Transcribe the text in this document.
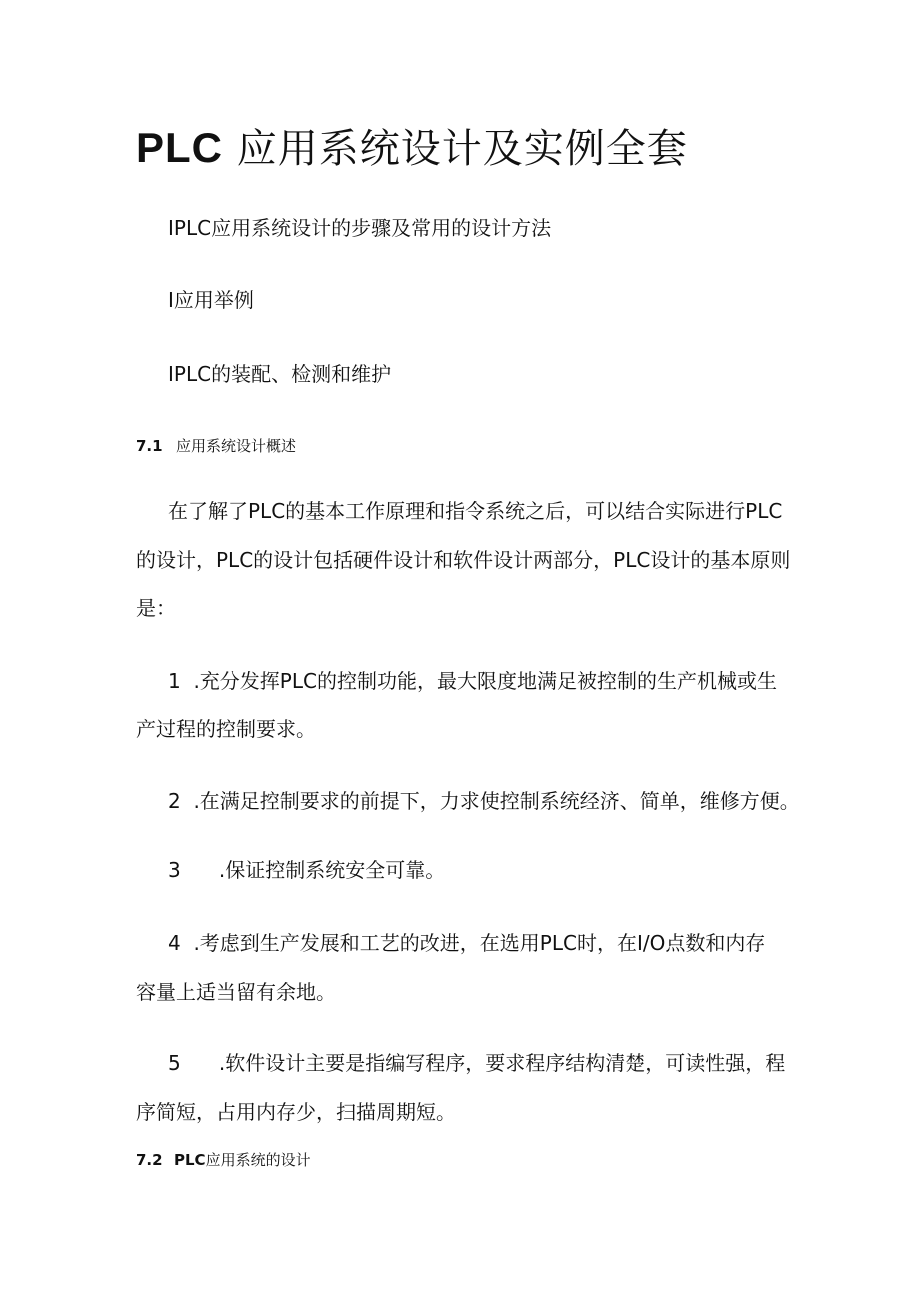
PLC 应用系统设计及实例全套
IPLC应用系统设计的步骤及常用的设计方法
I应用举例
IPLC的装配、检测和维护
7.1 应用系统设计概述
在了解了PLC的基本工作原理和指令系统之后，可以结合实际进行PLC
的设计，PLC的设计包括硬件设计和软件设计两部分，PLC设计的基本原则
是：
1 .充分发挥PLC的控制功能，最大限度地满足被控制的生产机械或生
产过程的控制要求。
2 .在满足控制要求的前提下，力求使控制系统经济、简单，维修方便。
3 .保证控制系统安全可靠。
4 .考虑到生产发展和工艺的改进，在选用PLC时，在I/O点数和内存
容量上适当留有余地。
5 .软件设计主要是指编写程序，要求程序结构清楚，可读性强，程
序简短，占用内存少，扫描周期短。
7.2 PLC应用系统的设计
